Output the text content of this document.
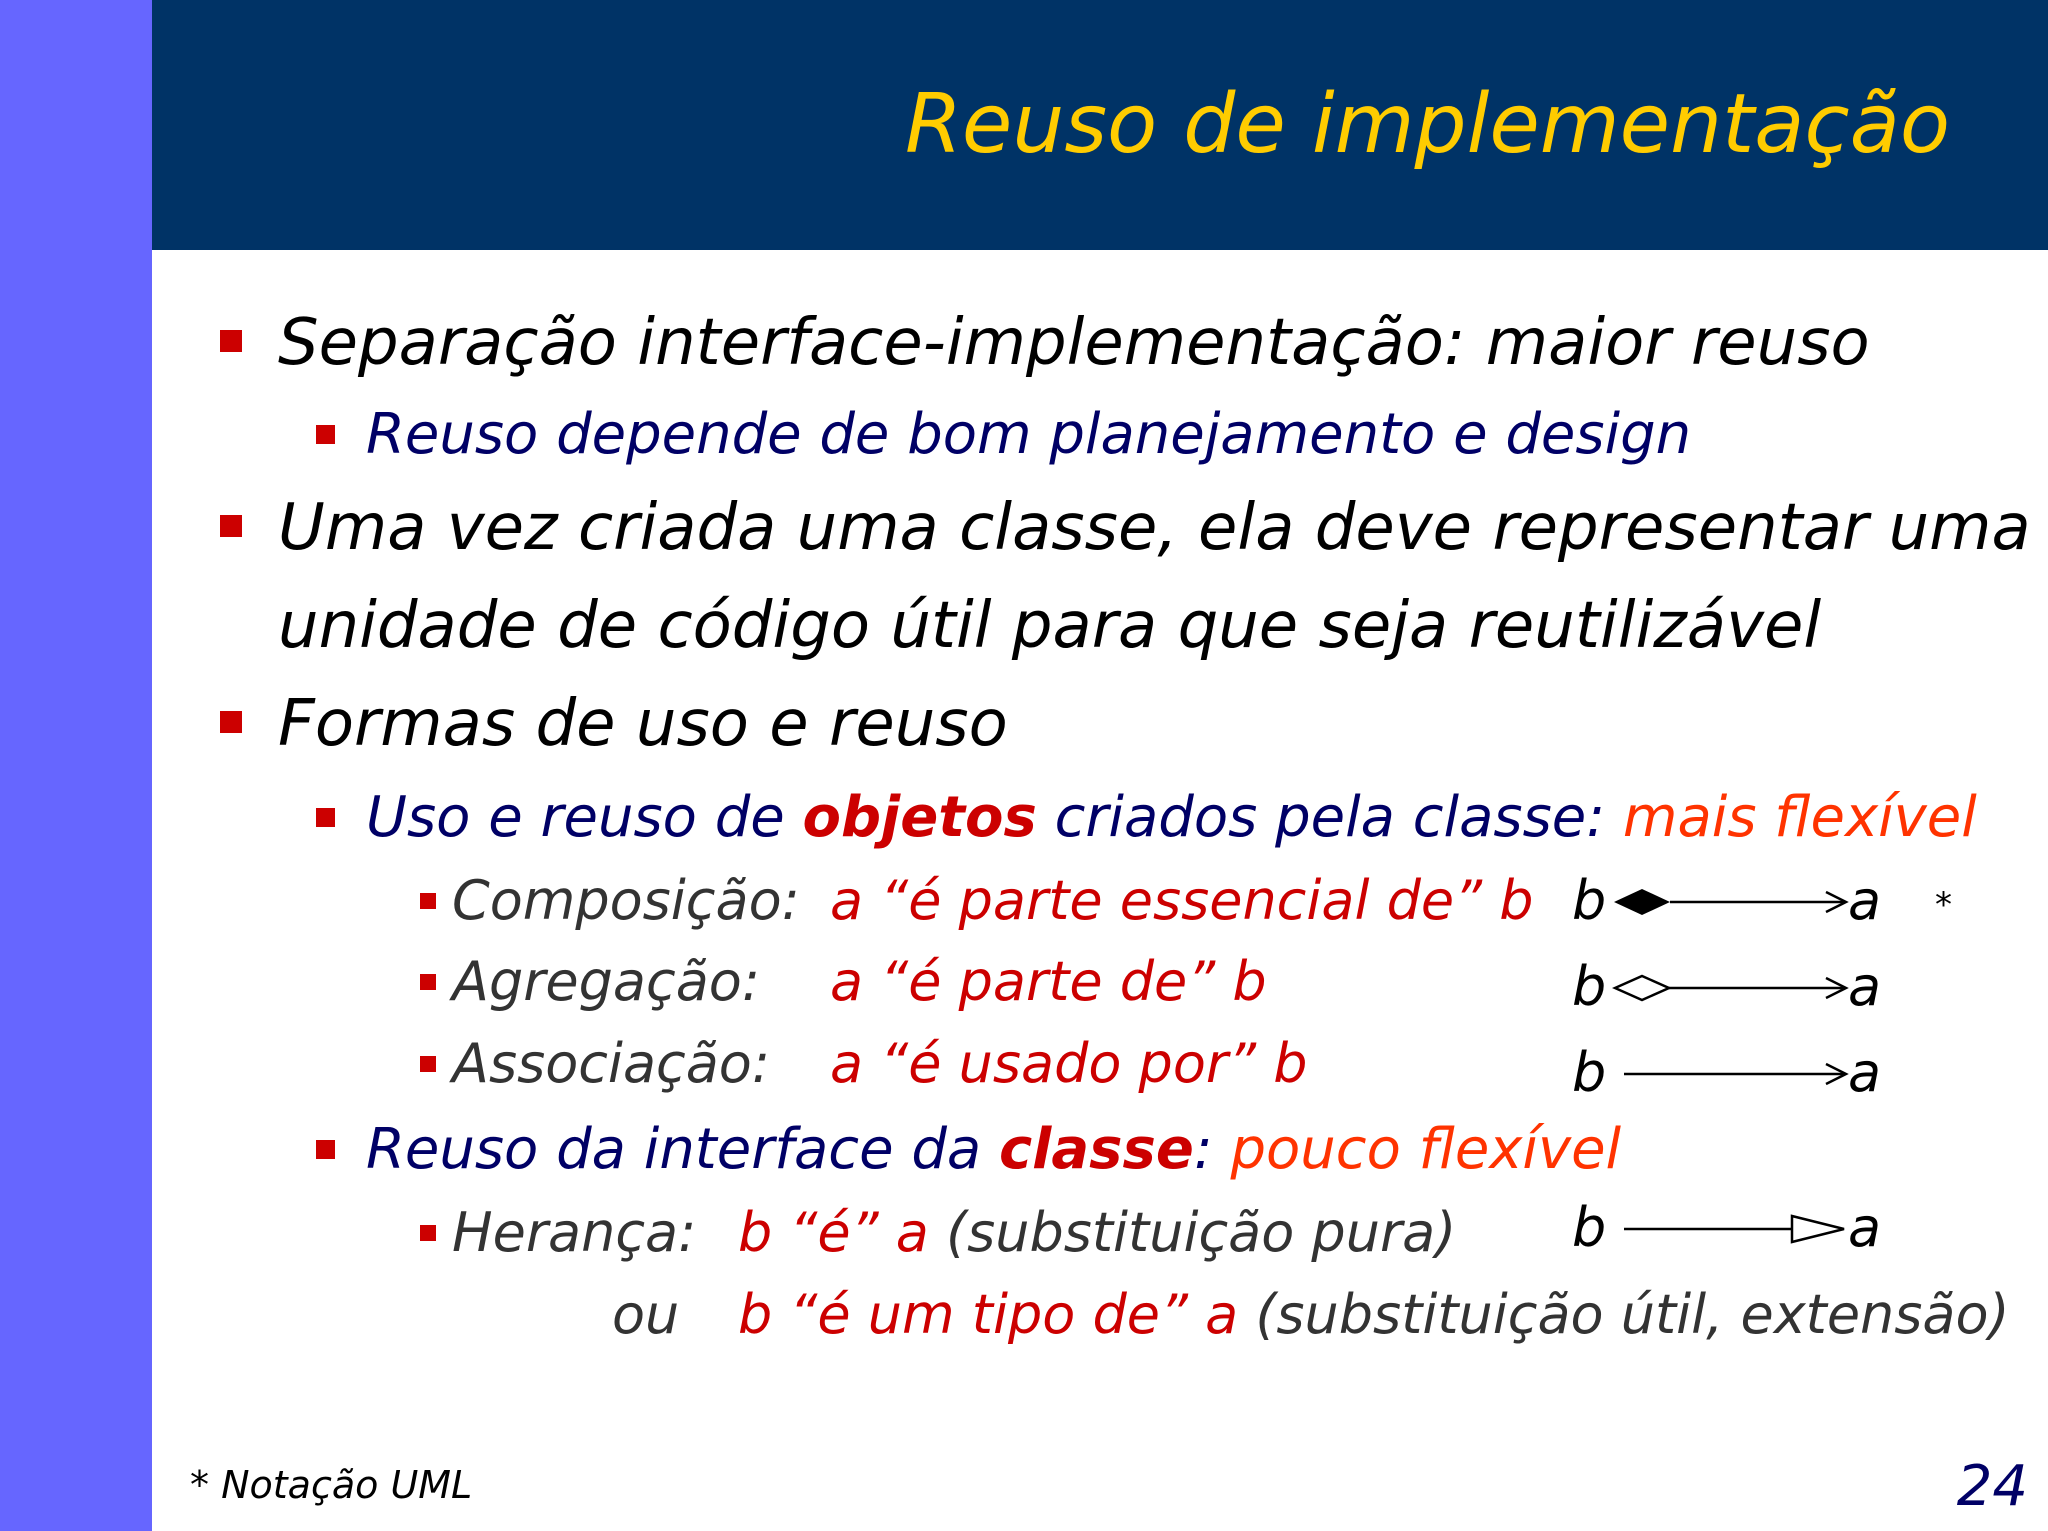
Reuso de implementação
Separação interface-implementação: maior reuso
Reuso depende de bom planejamento e design
Uma vez criada uma classe, ela deve representar uma
unidade de código útil para que seja reutilizável
Formas de uso e reuso
Uso e reuso de objetos criados pela classe: mais flexível
Composição: a “é parte essencial de” b
Agregação: a “é parte de” b
Associação: a “é usado por” b
Reuso da interface da classe: pouco flexível
Herança: b “é” a (substituição pura)
ou b “é um tipo de” a (substituição útil, extensão)
b	a *
b	a
b	a
b	a
* Notação UML	24
